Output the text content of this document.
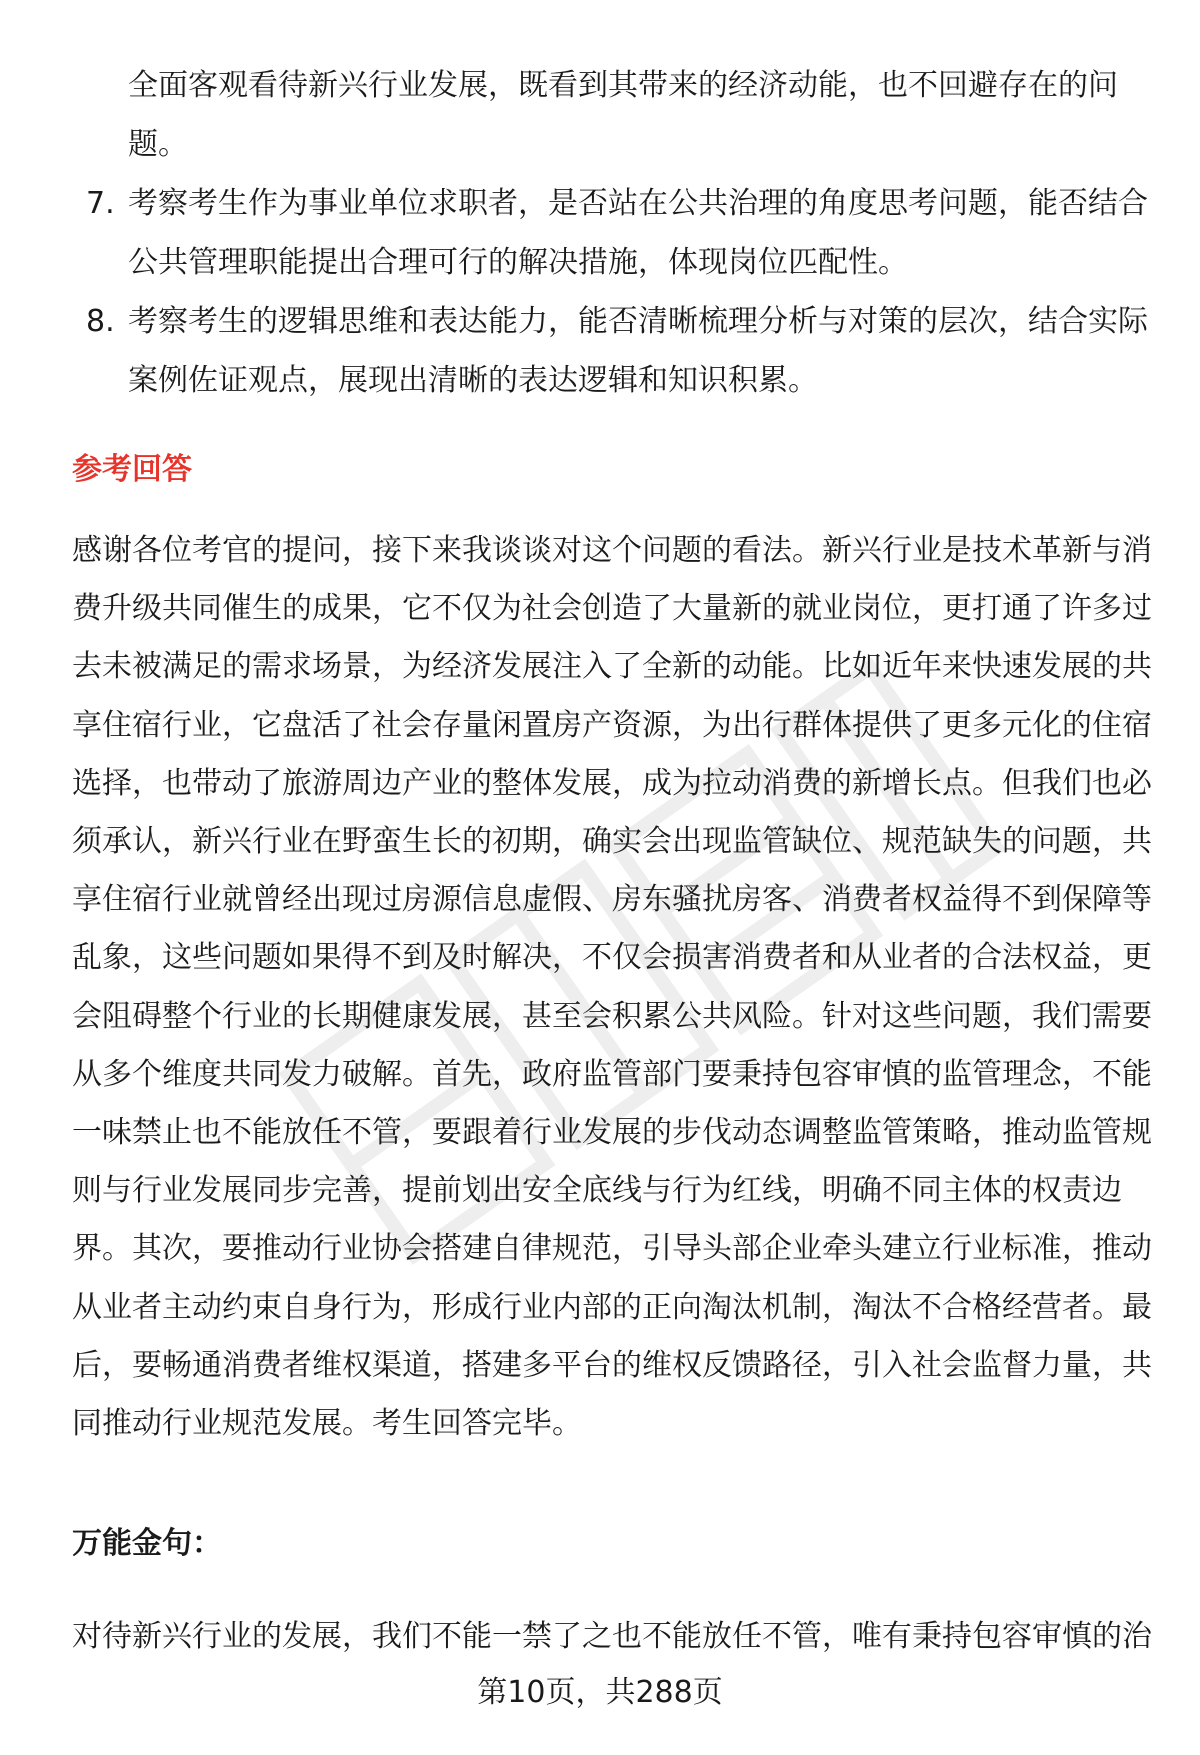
全面客观看待新兴行业发展，既看到其带来的经济动能，也不回避存在的问题。
7. 考察考生作为事业单位求职者，是否站在公共治理的角度思考问题，能否结合公共管理职能提出合理可行的解决措施，体现岗位匹配性。
8. 考察考生的逻辑思维和表达能力，能否清晰梳理分析与对策的层次，结合实际案例佐证观点，展现出清晰的表达逻辑和知识积累。
参考回答

感谢各位考官的提问，接下来我谈谈对这个问题的看法。新兴行业是技术革新与消费升级共同催生的成果，它不仅为社会创造了大量新的就业岗位，更打通了许多过去未被满足的需求场景，为经济发展注入了全新的动能。比如近年来快速发展的共享住宿行业，它盘活了社会存量闲置房产资源，为出行群体提供了更多元化的住宿选择，也带动了旅游周边产业的整体发展，成为拉动消费的新增长点。但我们也必须承认，新兴行业在野蛮生长的初期，确实会出现监管缺位、规范缺失的问题，共享住宿行业就曾经出现过房源信息虚假、房东骚扰房客、消费者权益得不到保障等乱象，这些问题如果得不到及时解决，不仅会损害消费者和从业者的合法权益，更会阻碍整个行业的长期健康发展，甚至会积累公共风险。针对这些问题，我们需要从多个维度共同发力破解。首先，政府监管部门要秉持包容审慎的监管理念，不能一味禁止也不能放任不管，要跟着行业发展的步伐动态调整监管策略，推动监管规则与行业发展同步完善，提前划出安全底线与行为红线，明确不同主体的权责边界。其次，要推动行业协会搭建自律规范，引导头部企业牵头建立行业标准，推动从业者主动约束自身行为，形成行业内部的正向淘汰机制，淘汰不合格经营者。最后，要畅通消费者维权渠道，搭建多平台的维权反馈路径，引入社会监督力量，共同推动行业规范发展。考生回答完毕。

万能金句：

对待新兴行业的发展，我们不能一禁了之也不能放任不管，唯有秉持包容审慎的治

第10页，共288页
